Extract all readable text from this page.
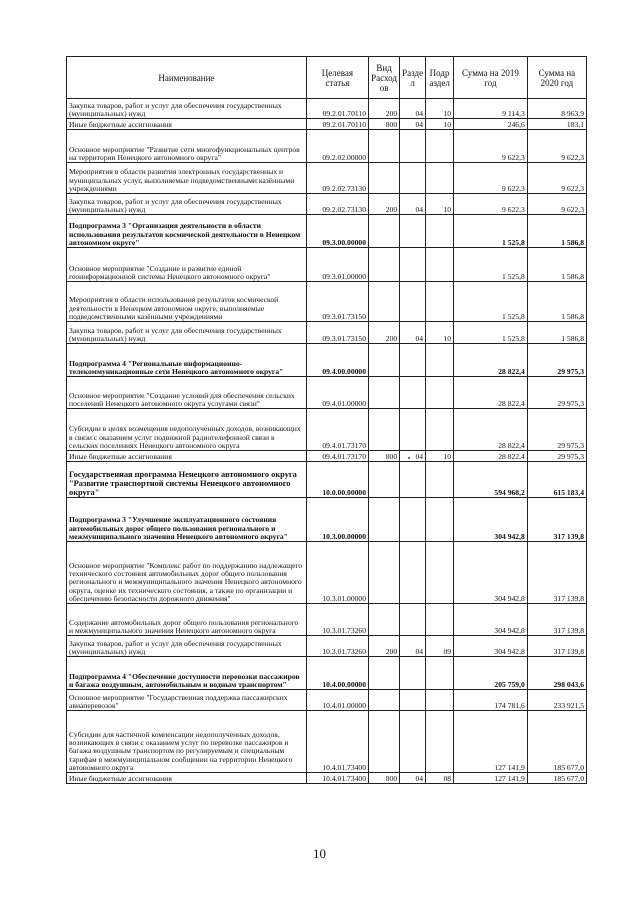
Наименование	Целевая статья	Вид Расход ов	Разде л	Подр аздел	Сумма на 2019 год	Сумма на 2020 год
Закупка товаров, работ и услуг для обеспечения государственных (муниципальных) нужд	09.2.01.70110	200	04	10	9 114,3	8 963,9
Иные бюджетные ассигнования	09.2.01.70110	800	04	10	246,6	183,1
Основное мероприятие "Развитие сети многофункциональных центров на территории Ненецкого автономного округа"	09.2.02.00000				9 622,3	9 622,3
Мероприятия в области развития электронных государственных и муниципальных услуг, выполняемые подведомственными казёнными учреждениями	09.2.02.73130				9 622,3	9 622,3
Закупка товаров, работ и услуг для обеспечения государственных (муниципальных) нужд	09.2.02.73130	200	04	10	9 622,3	9 622,3
Подпрограмма 3 "Организация деятельности в области использования результатов космической деятельности в Ненецком автономном округе"	09.3.00.00000				1 525,8	1 586,8
Основное мероприятие "Создание и развитие единой геоинформационной системы Ненецкого автономного округа"	09.3.01.00000				1 525,8	1 586,8
Мероприятия в области использования результатов космической деятельности в Ненецком автономном округе, выполняемые подведомственными казёнными учреждениями	09.3.01.73150				1 525,8	1 586,8
Закупка товаров, работ и услуг для обеспечения государственных (муниципальных) нужд	09.3.01.73150	200	04	10	1 525,8	1 586,8
Подпрограмма 4 "Региональные информационно-телекоммуникационные сети Ненецкого автономного округа"	09.4.00.00000				28 822,4	29 975,3
Основное мероприятие "Создание условий для обеспечения сельских поселений Ненецкого автономного округа услугами связи"	09.4.01.00000				28 822,4	29 975,3
Субсидии в целях возмещения недополученных доходов, возникающих в связи с оказанием услуг подвижной радиотелефонной связи в сельских поселениях Ненецкого автономного округа	09.4.01.73170				28 822,4	29 975,3
Иные бюджетные ассигнования	09.4.01.73170	800	04	10	28 822,4	29 975,3
Государственная программа Ненецкого автономного округа "Развитие транспортной системы Ненецкого автономного округа"	10.0.00.00000				594 968,2	615 183,4
Подпрограмма 3 "Улучшение эксплуатационного состояния автомобильных дорог общего пользования регионального и межмуниципального значения Ненецкого автономного округа"	10.3.00.00000				304 942,8	317 139,8
Основное мероприятие "Комплекс работ по поддержанию надлежащего технического состояния автомобильных дорог общего пользования регионального и межмуниципального значения Ненецкого автономного округа, оценке их технического состояния, а также по организации и обеспечению безопасности дорожного движения"	10.3.01.00000				304 942,8	317 139,8
Содержание автомобильных дорог общего пользования регионального и межмуниципального значения Ненецкого автономного округа	10.3.01.73260				304 942,8	317 139,8
Закупка товаров, работ и услуг для обеспечения государственных (муниципальных) нужд	10.3.01.73260	200	04	09	304 942,8	317 139,8
Подпрограмма 4 "Обеспечение доступности перевозки пассажиров и багажа воздушным, автомобильным и водным транспортом"	10.4.00.00000				205 759,0	298 043,6
Основное мероприятие "Государственная поддержка пассажирских авиаперевозок"	10.4.01.00000				174 781,6	233 921,5
Субсидии для частичной компенсации недополученных доходов, возникающих в связи с оказанием услуг по перевозке пассажиров и багажа воздушным транспортом по регулируемым и специальным тарифам в межмуниципальном сообщении на территории Ненецкого автономного округа	10.4.01.73400				127 141,9	185 677,0
Иные бюджетные ассигнования	10.4.01.73400	800	04	08	127 141,9	185 677,0
10
